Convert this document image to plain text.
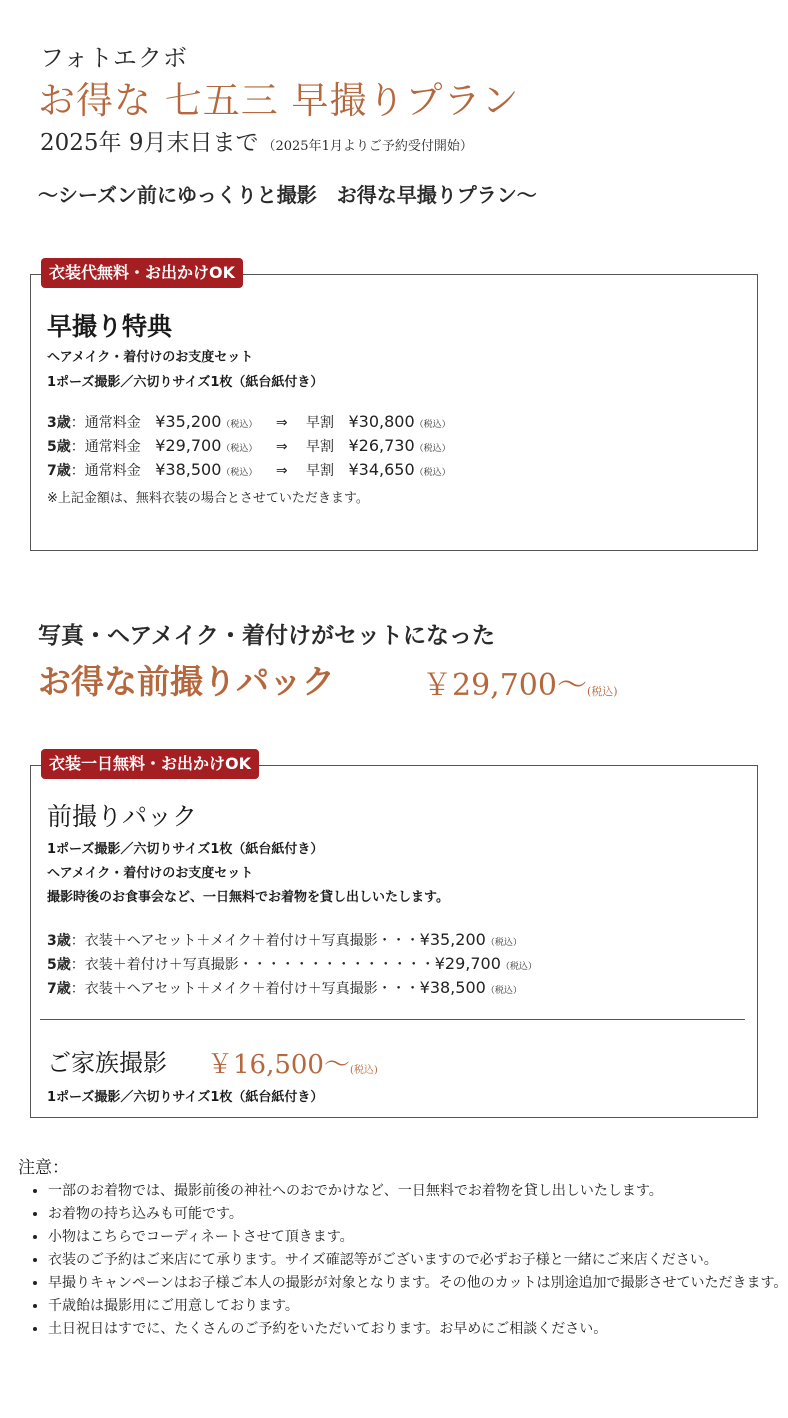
フォトエクボ
お得な 七五三 早撮りプラン
2025年 9月末日まで （2025年1月よりご予約受付開始）
〜シーズン前にゆっくりと撮影　お得な早撮りプラン〜
衣装代無料・お出かけOK
早撮り特典
ヘアメイク・着付けのお支度セット
1ポーズ撮影／六切りサイズ1枚（紙台紙付き）
3歳：通常料金 ¥35,200（税込） ⇒ 早割 ¥30,800（税込）
5歳：通常料金 ¥29,700（税込） ⇒ 早割 ¥26,730（税込）
7歳：通常料金 ¥38,500（税込） ⇒ 早割 ¥34,650（税込）
※上記金額は、無料衣装の場合とさせていただきます。
写真・ヘアメイク・着付けがセットになった
お得な前撮りパック	￥29,700〜(税込)
衣装一日無料・お出かけOK
前撮りパック
1ポーズ撮影／六切りサイズ1枚（紙台紙付き）
ヘアメイク・着付けのお支度セット
撮影時後のお食事会など、一日無料でお着物を貸し出しいたします。
3歳：衣装＋ヘアセット＋メイク＋着付け＋写真撮影・・・¥35,200（税込）
5歳：衣装＋着付け＋写真撮影・・・・・・・・・・・・・・¥29,700（税込）
7歳：衣装＋ヘアセット＋メイク＋着付け＋写真撮影・・・¥38,500（税込）
ご家族撮影 ￥16,500〜(税込)
1ポーズ撮影／六切りサイズ1枚（紙台紙付き）
注意：
• 一部のお着物では、撮影前後の神社へのおでかけなど、一日無料でお着物を貸し出しいたします。
• お着物の持ち込みも可能です。
• 小物はこちらでコーディネートさせて頂きます。
• 衣装のご予約はご来店にて承ります。サイズ確認等がございますので必ずお子様と一緒にご来店ください。
• 早撮りキャンペーンはお子様ご本人の撮影が対象となります。その他のカットは別途追加で撮影させていただきます。
• 千歳飴は撮影用にご用意しております。
• 土日祝日はすでに、たくさんのご予約をいただいております。お早めにご相談ください。
